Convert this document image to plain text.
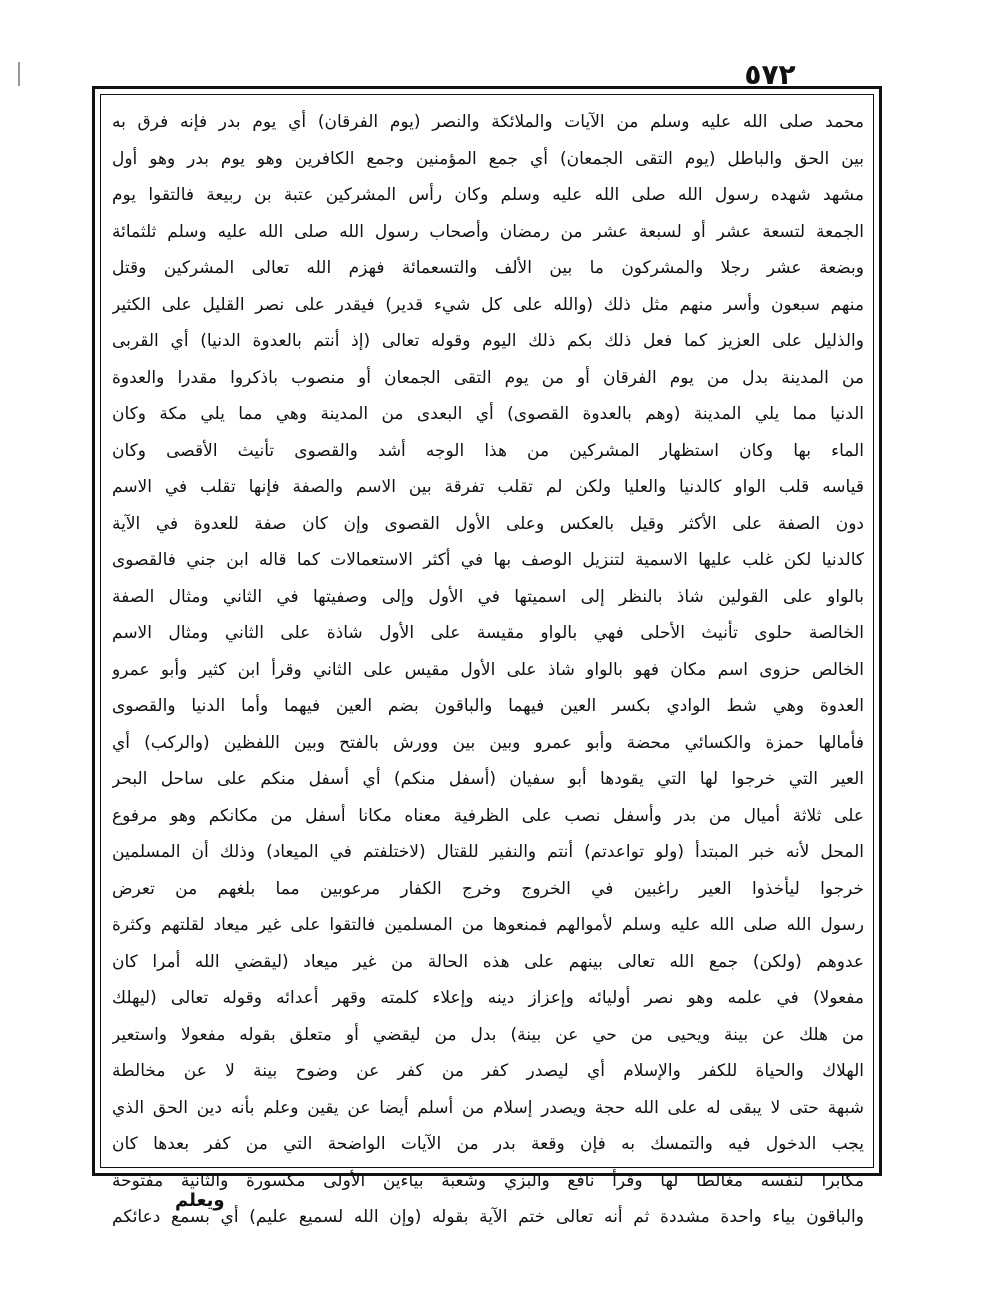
٥٧٢
محمد صلى الله عليه وسلم من الآيات والملائكة والنصر (يوم الفرقان) أي يوم بدر فإنه فرق به
بين الحق والباطل (يوم التقى الجمعان) أي جمع المؤمنين وجمع الكافرين وهو يوم بدر وهو أول
مشهد شهده رسول الله صلى الله عليه وسلم وكان رأس المشركين عتبة بن ربيعة فالتقوا يوم
الجمعة لتسعة عشر أو لسبعة عشر من رمضان وأصحاب رسول الله صلى الله عليه وسلم ثلثمائة
وبضعة عشر رجلا والمشركون ما بين الألف والتسعمائة فهزم الله تعالى المشركين وقتل
منهم سبعون وأسر منهم مثل ذلك (والله على كل شيء قدير) فيقدر على نصر القليل على الكثير
والذليل على العزيز كما فعل ذلك بكم ذلك اليوم وقوله تعالى (إذ أنتم بالعدوة الدنيا) أي القربى
من المدينة بدل من يوم الفرقان أو من يوم التقى الجمعان أو منصوب باذكروا مقدرا والعدوة
الدنيا مما يلي المدينة (وهم بالعدوة القصوى) أي البعدى من المدينة وهي مما يلي مكة وكان
الماء بها وكان استظهار المشركين من هذا الوجه أشد والقصوى تأنيث الأقصى وكان
قياسه قلب الواو كالدنيا والعليا ولكن لم تقلب تفرقة بين الاسم والصفة فإنها تقلب في الاسم
دون الصفة على الأكثر وقيل بالعكس وعلى الأول القصوى وإن كان صفة للعدوة في الآية
كالدنيا لكن غلب عليها الاسمية لتنزيل الوصف بها في أكثر الاستعمالات كما قاله ابن جني فالقصوى
بالواو على القولين شاذ بالنظر إلى اسميتها في الأول وإلى وصفيتها في الثاني ومثال الصفة
الخالصة حلوى تأنيث الأحلى فهي بالواو مقيسة على الأول شاذة على الثاني ومثال الاسم
الخالص حزوى اسم مكان فهو بالواو شاذ على الأول مقيس على الثاني وقرأ ابن كثير وأبو عمرو
العدوة وهي شط الوادي بكسر العين فيهما والباقون بضم العين فيهما وأما الدنيا والقصوى
فأمالها حمزة والكسائي محضة وأبو عمرو وبين بين وورش بالفتح وبين اللفظين (والركب) أي
العير التي خرجوا لها التي يقودها أبو سفيان (أسفل منكم) أي أسفل منكم على ساحل البحر
على ثلاثة أميال من بدر وأسفل نصب على الظرفية معناه مكانا أسفل من مكانكم وهو مرفوع
المحل لأنه خبر المبتدأ (ولو تواعدتم) أنتم والنفير للقتال (لاختلفتم في الميعاد) وذلك أن المسلمين
خرجوا ليأخذوا العير راغبين في الخروج وخرج الكفار مرعوبين مما بلغهم من تعرض
رسول الله صلى الله عليه وسلم لأموالهم فمنعوها من المسلمين فالتقوا على غير ميعاد لقلتهم وكثرة
عدوهم (ولكن) جمع الله تعالى بينهم على هذه الحالة من غير ميعاد (ليقضي الله أمرا كان
مفعولا) في علمه وهو نصر أوليائه وإعزاز دينه وإعلاء كلمته وقهر أعدائه وقوله تعالى (ليهلك
من هلك عن بينة ويحيى من حي عن بينة) بدل من ليقضي أو متعلق بقوله مفعولا واستعير
الهلاك والحياة للكفر والإسلام أي ليصدر كفر من كفر عن وضوح بينة لا عن مخالطة
شبهة حتى لا يبقى له على الله حجة ويصدر إسلام من أسلم أيضا عن يقين وعلم بأنه دين الحق الذي
يجب الدخول فيه والتمسك به فإن وقعة بدر من الآيات الواضحة التي من كفر بعدها كان
مكابرا لنفسه مغالطا لها وقرأ نافع والبزي وشعبة بياءين الأولى مكسورة والثانية مفتوحة
والباقون بياء واحدة مشددة ثم أنه تعالى ختم الآية بقوله (وإن الله لسميع عليم) أي بسمع دعائكم
ويعلم
